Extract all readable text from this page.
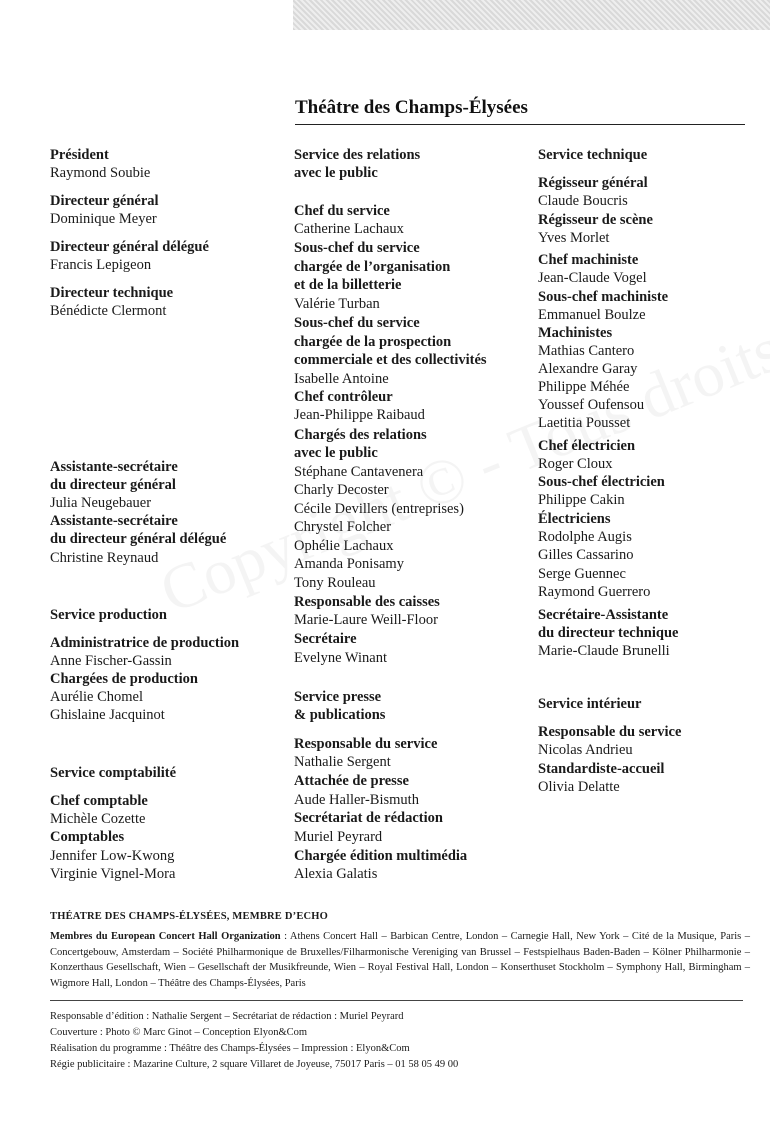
Théâtre des Champs-Élysées
Président
Raymond Soubie
Directeur général
Dominique Meyer
Directeur général délégué
Francis Lepigeon
Directeur technique
Bénédicte Clermont
Assistante-secrétaire
du directeur général
Julia Neugebauer
Assistante-secrétaire
du directeur général délégué
Christine Reynaud
Service production
Administratrice de production
Anne Fischer-Gassin
Chargées de production
Aurélie Chomel
Ghislaine Jacquinot
Service comptabilité
Chef comptable
Michèle Cozette
Comptables
Jennifer Low-Kwong
Virginie Vignel-Mora
Service des relations
avec le public
Chef du service
Catherine Lachaux
Sous-chef du service
chargée de l’organisation
et de la billetterie
Valérie Turban
Sous-chef du service
chargée de la prospection
commerciale et des collectivités
Isabelle Antoine
Chef contrôleur
Jean-Philippe Raibaud
Chargés des relations
avec le public
Stéphane Cantavenera
Charly Decoster
Cécile Devillers (entreprises)
Chrystel Folcher
Ophélie Lachaux
Amanda Ponisamy
Tony Rouleau
Responsable des caisses
Marie-Laure Weill-Floor
Secrétaire
Evelyne Winant
Service presse
& publications
Responsable du service
Nathalie Sergent
Attachée de presse
Aude Haller-Bismuth
Secrétariat de rédaction
Muriel Peyrard
Chargée édition multimédia
Alexia Galatis
Service technique
Régisseur général
Claude Boucris
Régisseur de scène
Yves Morlet
Chef machiniste
Jean-Claude Vogel
Sous-chef machiniste
Emmanuel Boulze
Machinistes
Mathias Cantero
Alexandre Garay
Philippe Méhée
Youssef Oufensou
Laetitia Pousset
Chef électricien
Roger Cloux
Sous-chef électricien
Philippe Cakin
Électriciens
Rodolphe Augis
Gilles Cassarino
Serge Guennec
Raymond Guerrero
Secrétaire-Assistante
du directeur technique
Marie-Claude Brunelli
Service intérieur
Responsable du service
Nicolas Andrieu
Standardiste-accueil
Olivia Delatte
THÉATRE DES CHAMPS-ÉLYSÉES, MEMBRE D’ECHO
Membres du European Concert Hall Organization : Athens Concert Hall – Barbican Centre, London – Carnegie Hall, New York – Cité de la Musique, Paris – Concertgebouw, Amsterdam – Société Philharmonique de Bruxelles/Filharmonische Vereniging van Brussel – Festspielhaus Baden-Baden – Kölner Philharmonie – Konzerthaus Gesellschaft, Wien – Gesellschaft der Musikfreunde, Wien – Royal Festival Hall, London – Konserthuset Stockholm – Symphony Hall, Birmingham – Wigmore Hall, London – Théâtre des Champs-Élysées, Paris
Responsable d’édition : Nathalie Sergent – Secrétariat de rédaction : Muriel Peyrard
Couverture : Photo © Marc Ginot – Conception Elyon&Com
Réalisation du programme : Théâtre des Champs-Élysées – Impression : Elyon&Com
Régie publicitaire : Mazarine Culture, 2 square Villaret de Joyeuse, 75017 Paris – 01 58 05 49 00
